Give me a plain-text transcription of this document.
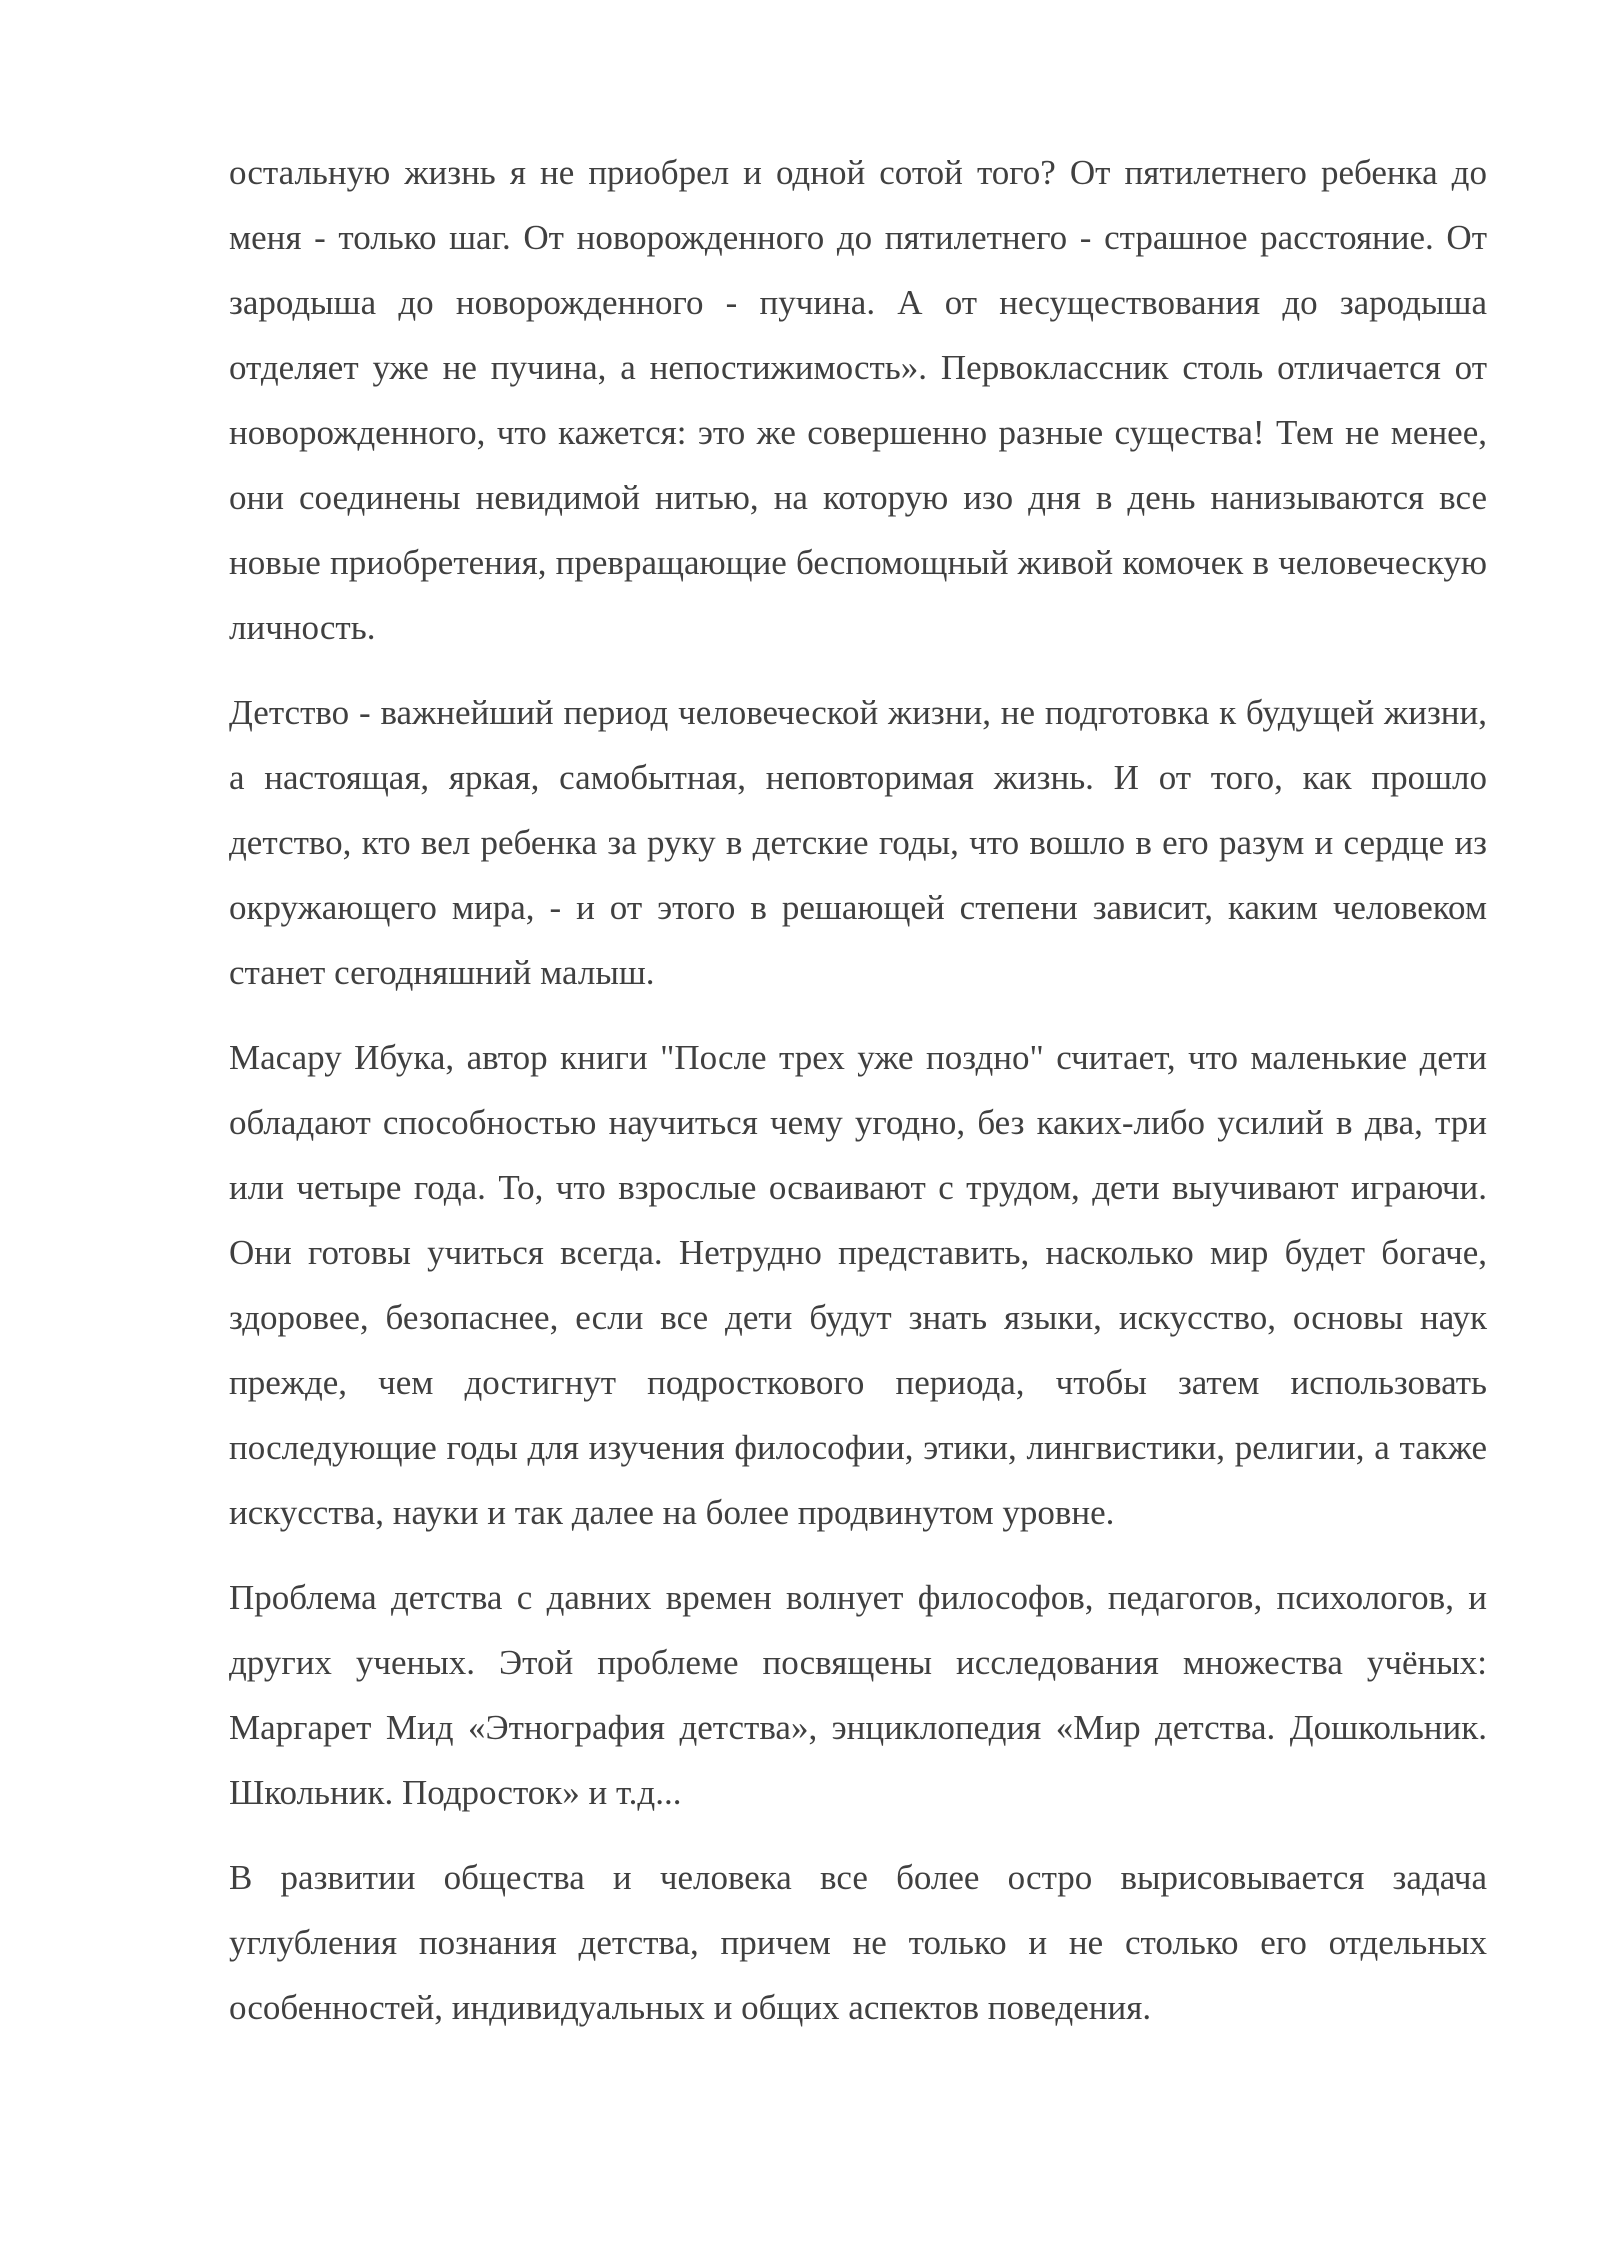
остальную жизнь я не приобрел и одной сотой того? От пятилетнего ребенка до меня - только шаг. От новорожденного до пятилетнего - страшное расстояние. От зародыша до новорожденного - пучина. А от несуществования до зародыша отделяет уже не пучина, а непостижимость». Первоклассник столь отличается от новорожденного, что кажется: это же совершенно разные существа! Тем не менее, они соединены невидимой нитью, на которую изо дня в день нанизываются все новые приобретения, превращающие беспомощный живой комочек в человеческую личность.

Детство - важнейший период человеческой жизни, не подготовка к будущей жизни, а настоящая, яркая, самобытная, неповторимая жизнь. И от того, как прошло детство, кто вел ребенка за руку в детские годы, что вошло в его разум и сердце из окружающего мира, - и от этого в решающей степени зависит, каким человеком станет сегодняшний малыш.

Масару Ибука, автор книги "После трех уже поздно" считает, что маленькие дети обладают способностью научиться чему угодно, без каких-либо усилий в два, три или четыре года. То, что взрослые осваивают с трудом, дети выучивают играючи. Они готовы учиться всегда. Нетрудно представить, насколько мир будет богаче, здоровее, безопаснее, если все дети будут знать языки, искусство, основы наук прежде, чем достигнут подросткового периода, чтобы затем использовать последующие годы для изучения философии, этики, лингвистики, религии, а также искусства, науки и так далее на более продвинутом уровне.

Проблема детства с давних времен волнует философов, педагогов, психологов, и других ученых. Этой проблеме посвящены исследования множества учёных: Маргарет Мид «Этнография детства», энциклопедия «Мир детства. Дошкольник. Школьник. Подросток» и т.д...

В развитии общества и человека все более остро вырисовывается задача углубления познания детства, причем не только и не столько его отдельных особенностей, индивидуальных и общих аспектов поведения.
